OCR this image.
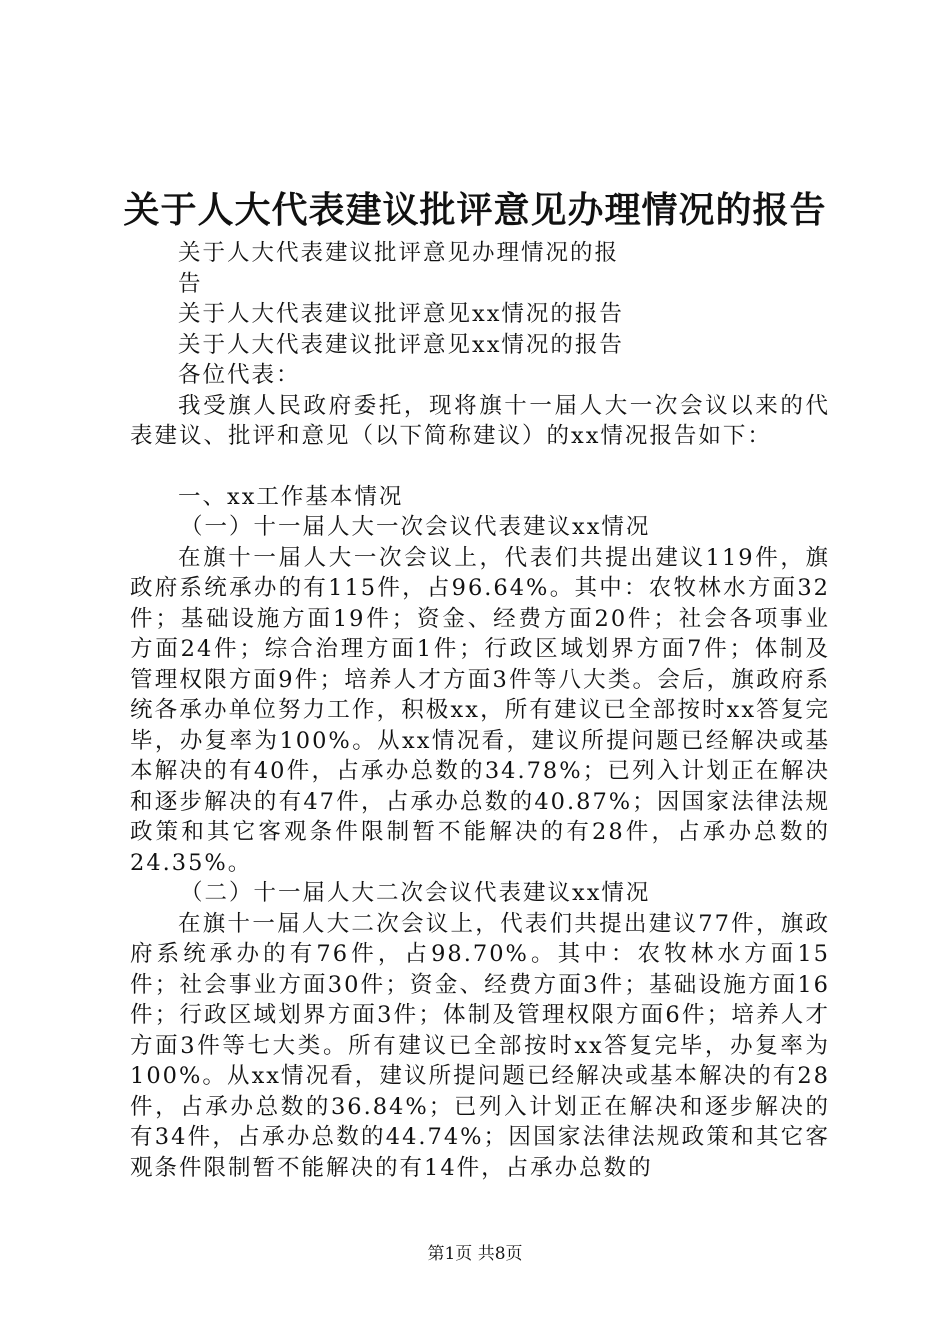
关于人大代表建议批评意见办理情况的报告

关于人大代表建议批评意见办理情况的报

告

关于人大代表建议批评意见xx情况的报告

关于人大代表建议批评意见xx情况的报告

各位代表：

我受旗人民政府委托，现将旗十一届人大一次会议以来的代表建议、批评和意见（以下简称建议）的xx情况报告如下：

一、xx工作基本情况

（一）十一届人大一次会议代表建议xx情况

在旗十一届人大一次会议上，代表们共提出建议119件，旗政府系统承办的有115件，占96.64%。其中：农牧林水方面32件；基础设施方面19件；资金、经费方面20件；社会各项事业方面24件；综合治理方面1件；行政区域划界方面7件；体制及管理权限方面9件；培养人才方面3件等八大类。会后，旗政府系统各承办单位努力工作，积极xx，所有建议已全部按时xx答复完毕，办复率为100%。从xx情况看，建议所提问题已经解决或基本解决的有40件，占承办总数的34.78%；已列入计划正在解决和逐步解决的有47件，占承办总数的40.87%；因国家法律法规政策和其它客观条件限制暂不能解决的有28件，占承办总数的24.35%。

（二）十一届人大二次会议代表建议xx情况

在旗十一届人大二次会议上，代表们共提出建议77件，旗政府系统承办的有76件，占98.70%。其中：农牧林水方面15件；社会事业方面30件；资金、经费方面3件；基础设施方面16件；行政区域划界方面3件；体制及管理权限方面6件；培养人才方面3件等七大类。所有建议已全部按时xx答复完毕，办复率为100%。从xx情况看，建议所提问题已经解决或基本解决的有28件，占承办总数的36.84%；已列入计划正在解决和逐步解决的有34件，占承办总数的44.74%；因国家法律法规政策和其它客观条件限制暂不能解决的有14件，占承办总数的

第1页 共8页
